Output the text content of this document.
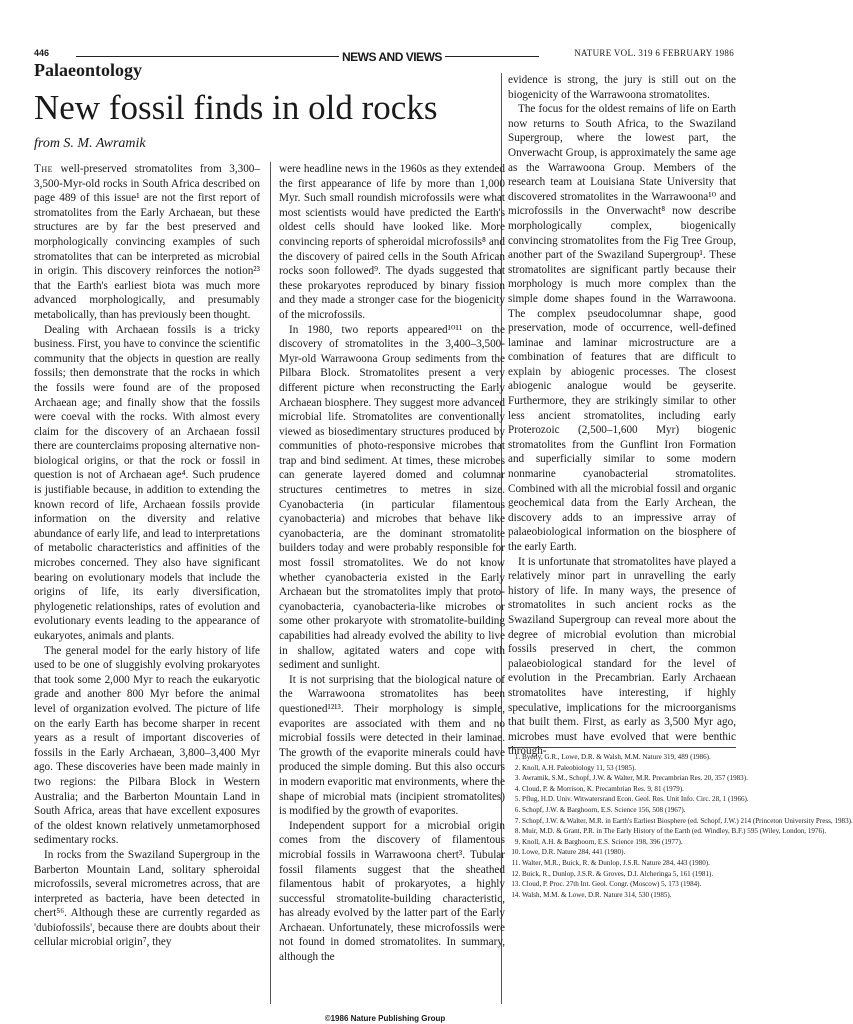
446	NEWS AND VIEWS	NATURE VOL. 319 6 FEBRUARY 1986
Palaeontology
New fossil finds in old rocks
from S. M. Awramik

The well-preserved stromatolites from 3,300–3,500-Myr-old rocks in South Africa described on page 489 of this issue¹ are not the first report of stromatolites from the Early Archaean, but these structures are by far the best preserved and morphologically convincing examples of such stromatolites that can be interpreted as microbial in origin. This discovery reinforces the notion²³ that the Earth's earliest biota was much more advanced morphologically, and presumably metabolically, than has previously been thought.

Dealing with Archaean fossils is a tricky business. First, you have to convince the scientific community that the objects in question are really fossils; then demonstrate that the rocks in which the fossils were found are of the proposed Archaean age; and finally show that the fossils were coeval with the rocks. With almost every claim for the discovery of an Archaean fossil there are counterclaims proposing alternative non-biological origins, or that the rock or fossil in question is not of Archaean age⁴. Such prudence is justifiable because, in addition to extending the known record of life, Archaean fossils provide information on the diversity and relative abundance of early life, and lead to interpretations of metabolic characteristics and affinities of the microbes concerned. They also have significant bearing on evolutionary models that include the origins of life, its early diversification, phylogenetic relationships, rates of evolution and evolutionary events leading to the appearance of eukaryotes, animals and plants.

The general model for the early history of life used to be one of sluggishly evolving prokaryotes that took some 2,000 Myr to reach the eukaryotic grade and another 800 Myr before the animal level of organization evolved. The picture of life on the early Earth has become sharper in recent years as a result of important discoveries of fossils in the Early Archaean, 3,800–3,400 Myr ago. These discoveries have been made mainly in two regions: the Pilbara Block in Western Australia; and the Barberton Mountain Land in South Africa, areas that have excellent exposures of the oldest known relatively unmetamorphosed sedimentary rocks.

In rocks from the Swaziland Supergroup in the Barberton Mountain Land, solitary spheroidal microfossils, several micrometres across, that are interpreted as bacteria, have been detected in chert⁵⁶. Although these are currently regarded as 'dubiofossils', because there are doubts about their cellular microbial origin⁷, they

were headline news in the 1960s as they extended the first appearance of life by more than 1,000 Myr. Such small roundish microfossils were what most scientists would have predicted the Earth's oldest cells should have looked like. More convincing reports of spheroidal microfossils⁸ and the discovery of paired cells in the South African rocks soon followed⁹. The dyads suggested that these prokaryotes reproduced by binary fission and they made a stronger case for the biogenicity of the microfossils.

In 1980, two reports appeared¹⁰¹¹ on the discovery of stromatolites in the 3,400–3,500-Myr-old Warrawoona Group sediments from the Pilbara Block. Stromatolites present a very different picture when reconstructing the Early Archaean biosphere. They suggest more advanced microbial life. Stromatolites are conventionally viewed as biosedimentary structures produced by communities of photo-responsive microbes that trap and bind sediment. At times, these microbes can generate layered domed and columnar structures centimetres to metres in size. Cyanobacteria (in particular filamentous cyanobacteria) and microbes that behave like cyanobacteria, are the dominant stromatolite builders today and were probably responsible for most fossil stromatolites. We do not know whether cyanobacteria existed in the Early Archaean but the stromatolites imply that proto-cyanobacteria, cyanobacteria-like microbes or some other prokaryote with stromatolite-building capabilities had already evolved the ability to live in shallow, agitated waters and cope with sediment and sunlight.

It is not surprising that the biological nature of the Warrawoona stromatolites has been questioned¹²¹³. Their morphology is simple, evaporites are associated with them and no microbial fossils were detected in their laminae. The growth of the evaporite minerals could have produced the simple doming. But this also occurs in modern evaporitic mat environments, where the shape of microbial mats (incipient stromatolites) is modified by the growth of evaporites.

Independent support for a microbial origin comes from the discovery of filamentous microbial fossils in Warrawoona chert³. Tubular fossil filaments suggest that the sheathed filamentous habit of prokaryotes, a highly successful stromatolite-building characteristic, has already evolved by the latter part of the Early Archaean. Unfortunately, these microfossils were not found in domed stromatolites. In summary, although the

evidence is strong, the jury is still out on the biogenicity of the Warrawoona stromatolites.

The focus for the oldest remains of life on Earth now returns to South Africa, to the Swaziland Supergroup, where the lowest part, the Onverwacht Group, is approximately the same age as the Warrawoona Group. Members of the research team at Louisiana State University that discovered stromatolites in the Warrawoona¹⁰ and microfossils in the Onverwacht⁸ now describe morphologically complex, biogenically convincing stromatolites from the Fig Tree Group, another part of the Swaziland Supergroup¹. These stromatolites are significant partly because their morphology is much more complex than the simple dome shapes found in the Warrawoona. The complex pseudocolumnar shape, good preservation, mode of occurrence, well-defined laminae and laminar microstructure are a combination of features that are difficult to explain by abiogenic processes. The closest abiogenic analogue would be geyserite. Furthermore, they are strikingly similar to other less ancient stromatolites, including early Proterozoic (2,500–1,600 Myr) biogenic stromatolites from the Gunflint Iron Formation and superficially similar to some modern nonmarine cyanobacterial stromatolites. Combined with all the microbial fossil and organic geochemical data from the Early Archean, the discovery adds to an impressive array of palaeobiological information on the biosphere of the early Earth.

It is unfortunate that stromatolites have played a relatively minor part in unravelling the early history of life. In many ways, the presence of stromatolites in such ancient rocks as the Swaziland Supergroup can reveal more about the degree of microbial evolution than microbial fossils preserved in chert, the common palaeobiological standard for the level of evolution in the Precambrian. Early Archaean stromatolites have interesting, if highly speculative, implications for the microorganisms that built them. First, as early as 3,500 Myr ago, microbes must have evolved that were benthic through-

1. Byerly, G.R., Lowe, D.R. & Walsh, M.M. Nature 319, 489 (1986).
2. Knoll, A.H. Paleobiology 11, 53 (1985).
3. Awramik, S.M., Schopf, J.W. & Walter, M.R. Precambrian Res. 20, 357 (1983).
4. Cloud, P. & Morrison, K. Precambrian Res. 9, 81 (1979).
5. Pflug, H.D. Univ. Witwatersrand Econ. Geol. Res. Unit Info. Circ. 28, 1 (1966).
6. Schopf, J.W. & Barghoorn, E.S. Science 156, 508 (1967).
7. Schopf, J.W. & Walter, M.R. in Earth's Earliest Biosphere (ed. Schopf, J.W.) 214 (Princeton University Press, 1983).
8. Muir, M.D. & Grant, P.R. in The Early History of the Earth (ed. Windley, B.F.) 595 (Wiley, London, 1976).
9. Knoll, A.H. & Barghoorn, E.S. Science 198, 396 (1977).
10. Lowe, D.R. Nature 284, 441 (1980).
11. Walter, M.R., Buick, R. & Dunlop, J.S.R. Nature 284, 443 (1980).
12. Buick, R., Dunlop, J.S.R. & Groves, D.I. Alcheringa 5, 161 (1981).
13. Cloud, P. Proc. 27th Int. Geol. Congr. (Moscow) 5, 173 (1984).
14. Walsh, M.M. & Lowe, D.R. Nature 314, 530 (1985).
©1986 Nature Publishing Group
